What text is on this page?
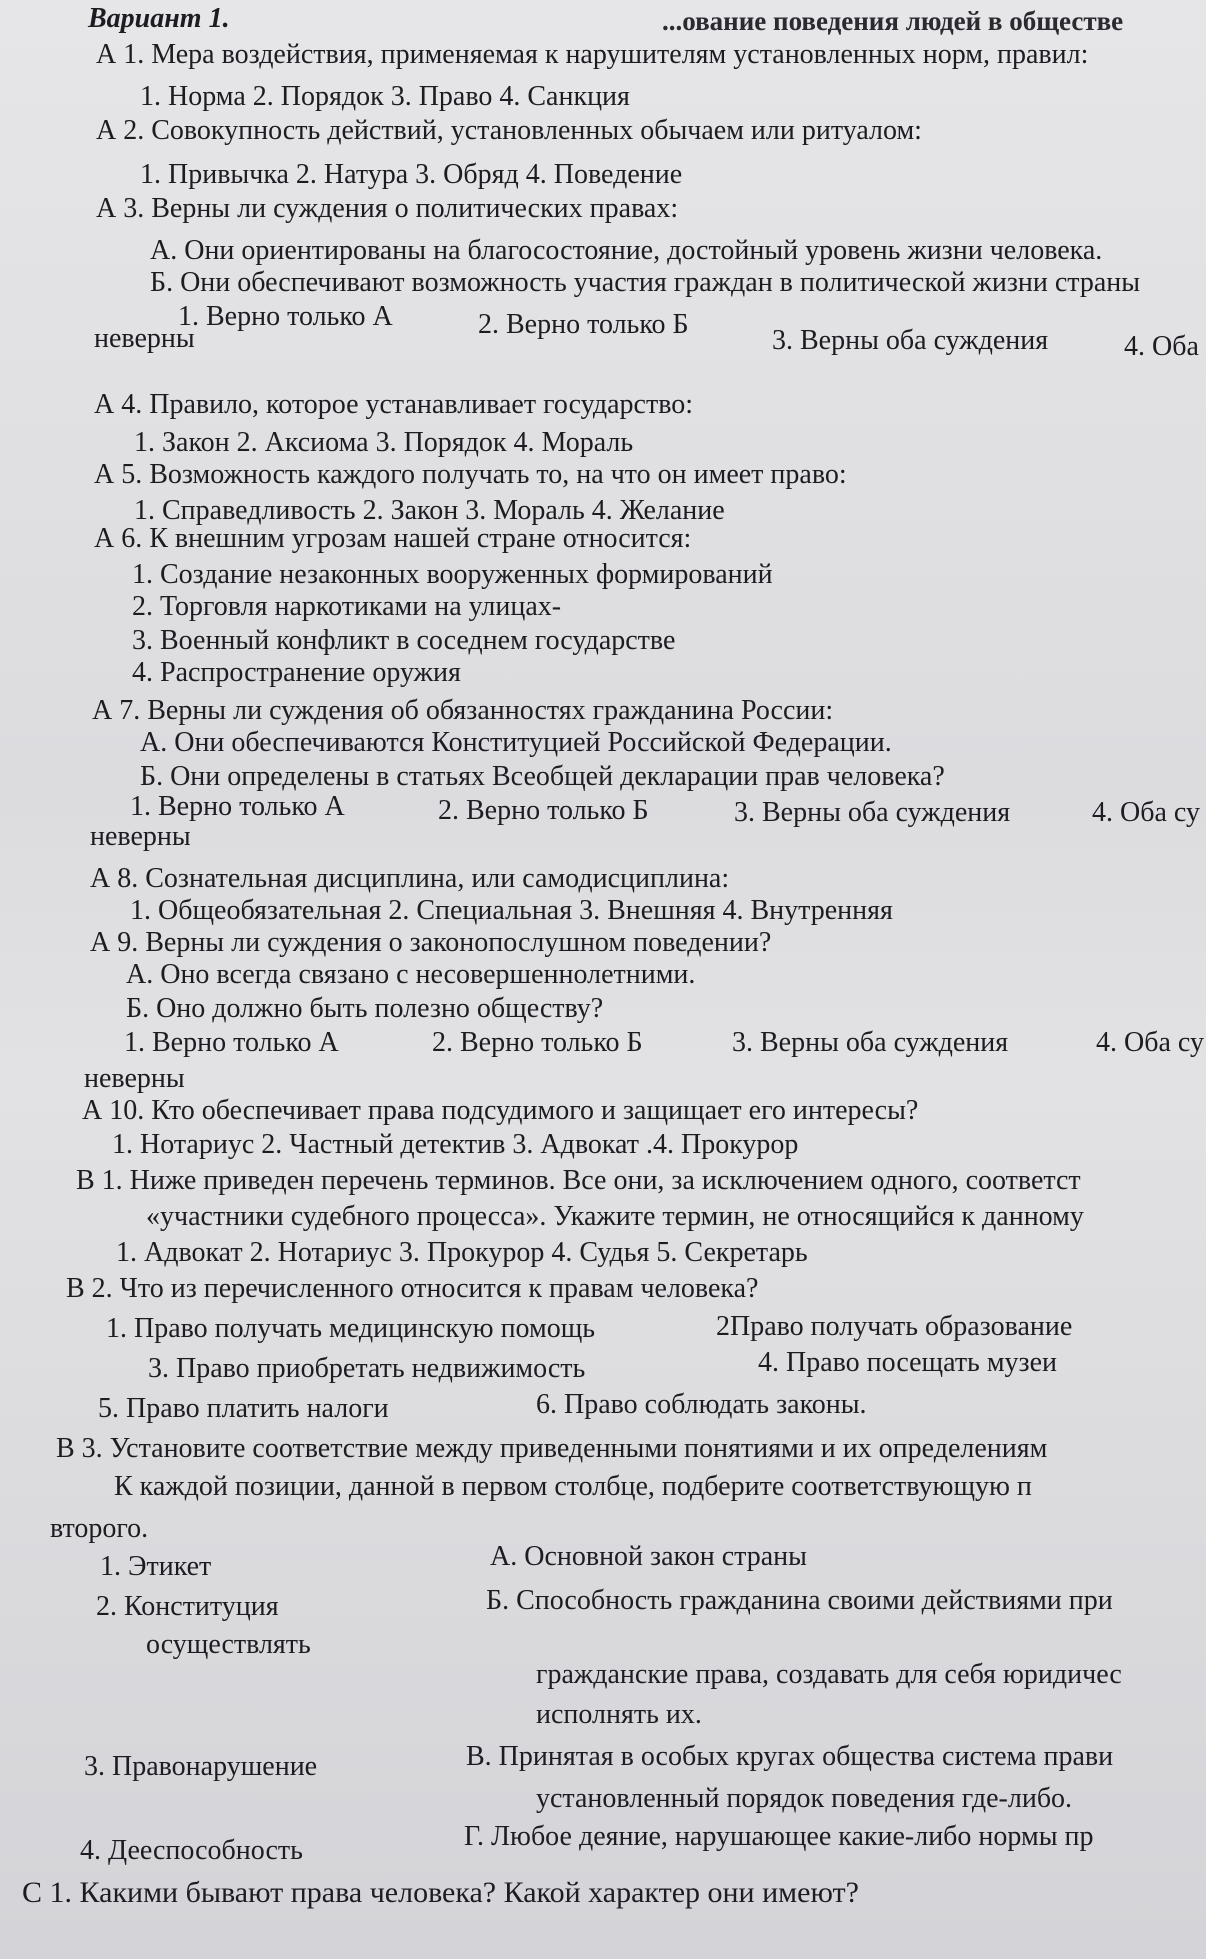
Вариант 1.	...ование поведения людей в обществе
А 1. Мера воздействия, применяемая к нарушителям установленных норм, правил:
1. Норма 2. Порядок 3. Право 4. Санкция
А 2. Совокупность действий, установленных обычаем или ритуалом:
1. Привычка 2. Натура 3. Обряд 4. Поведение
А 3. Верны ли суждения о политических правах:
А. Они ориентированы на благосостояние, достойный уровень жизни человека.
Б. Они обеспечивают возможность участия граждан в политической жизни страны
1. Верно только А	2. Верно только Б
3. Верны оба суждения	4. Оба
неверны
А 4. Правило, которое устанавливает государство:
1. Закон 2. Аксиома 3. Порядок 4. Мораль
А 5. Возможность каждого получать то, на что он имеет право:
1. Справедливость 2. Закон 3. Мораль 4. Желание
А 6. К внешним угрозам нашей стране относится:
1. Создание незаконных вооруженных формирований
2. Торговля наркотиками на улицах-
3. Военный конфликт в соседнем государстве
4. Распространение оружия
А 7. Верны ли суждения об обязанностях гражданина России:
А. Они обеспечиваются Конституцией Российской Федерации.
Б. Они определены в статьях Всеобщей декларации прав человека?
1. Верно только А	2. Верно только Б	3. Верны оба суждения	4. Оба су
неверны
А 8. Сознательная дисциплина, или самодисциплина:
1. Общеобязательная 2. Специальная 3. Внешняя 4. Внутренняя
А 9. Верны ли суждения о законопослушном поведении?
А. Оно всегда связано с несовершеннолетними.
Б. Оно должно быть полезно обществу?
1. Верно только А	2. Верно только Б	3. Верны оба суждения	4. Оба су
неверны
А 10. Кто обеспечивает права подсудимого и защищает его интересы?
1. Нотариус 2. Частный детектив 3. Адвокат .4. Прокурор
В 1. Ниже приведен перечень терминов. Все они, за исключением одного, соответст
«участники судебного процесса». Укажите термин, не относящийся к данному
1. Адвокат 2. Нотариус 3. Прокурор 4. Судья 5. Секретарь
В 2. Что из перечисленного относится к правам человека?
1. Право получать медицинскую помощь	2Право получать образование
3. Право приобретать недвижимость	4. Право посещать музеи
5. Право платить налоги	6. Право соблюдать законы.
В 3. Установите соответствие между приведенными понятиями и их определениям
К каждой позиции, данной в первом столбце, подберите соответствующую п
второго.
1. Этикет	А. Основной закон страны
2. Конституция	Б. Способность гражданина своими действиями при
осуществлять
гражданские права, создавать для себя юридичес
исполнять их.
3. Правонарушение	В. Принятая в особых кругах общества система прави
установленный порядок поведения где-либо.
4. Дееспособность	Г. Любое деяние, нарушающее какие-либо нормы пр
С 1. Какими бывают права человека? Какой характер они имеют?
